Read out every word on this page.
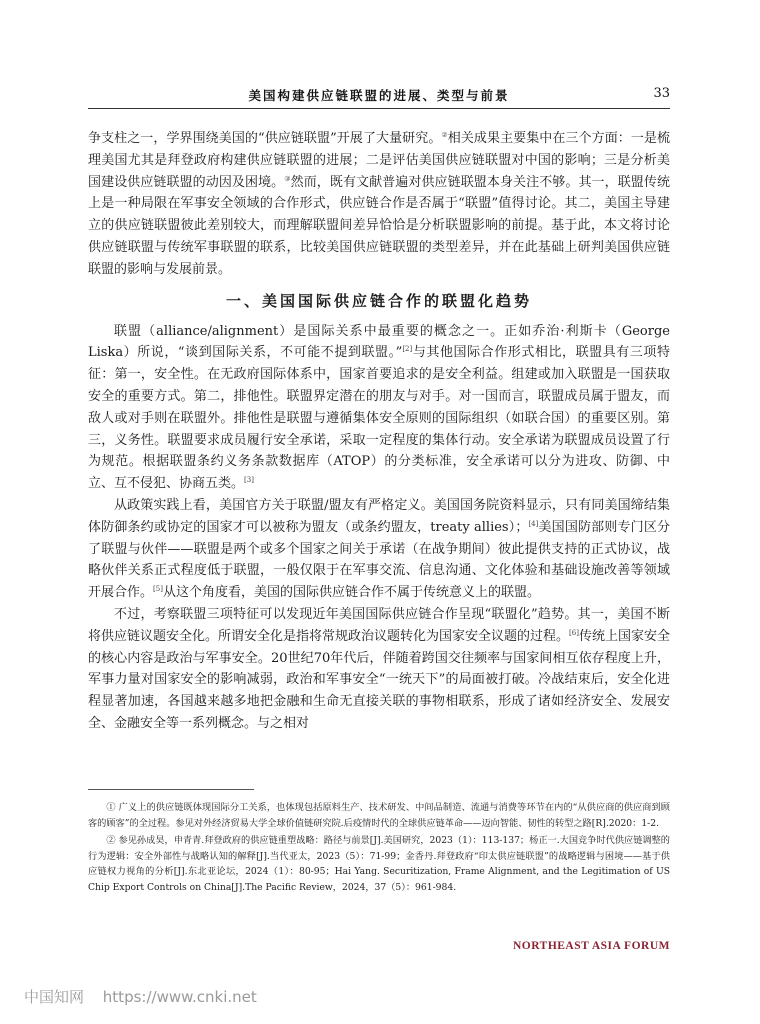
美国构建供应链联盟的进展、类型与前景	33

争支柱之一，学界围绕美国的“供应链联盟”开展了大量研究。②相关成果主要集中在三个方面：一是梳理美国尤其是拜登政府构建供应链联盟的进展；二是评估美国供应链联盟对中国的影响；三是分析美国建设供应链联盟的动因及困境。③然而，既有文献普遍对供应链联盟本身关注不够。其一，联盟传统上是一种局限在军事安全领域的合作形式，供应链合作是否属于“联盟”值得讨论。其二，美国主导建立的供应链联盟彼此差别较大，而理解联盟间差异恰恰是分析联盟影响的前提。基于此，本文将讨论供应链联盟与传统军事联盟的联系，比较美国供应链联盟的类型差异，并在此基础上研判美国供应链联盟的影响与发展前景。

一、美国国际供应链合作的联盟化趋势

联盟（alliance/alignment）是国际关系中最重要的概念之一。正如乔治·利斯卡（George Liska）所说，“谈到国际关系，不可能不提到联盟。”[2]与其他国际合作形式相比，联盟具有三项特征：第一，安全性。在无政府国际体系中，国家首要追求的是安全利益。组建或加入联盟是一国获取安全的重要方式。第二，排他性。联盟界定潜在的朋友与对手。对一国而言，联盟成员属于盟友，而敌人或对手则在联盟外。排他性是联盟与遵循集体安全原则的国际组织（如联合国）的重要区别。第三，义务性。联盟要求成员履行安全承诺，采取一定程度的集体行动。安全承诺为联盟成员设置了行为规范。根据联盟条约义务条款数据库（ATOP）的分类标准，安全承诺可以分为进攻、防御、中立、互不侵犯、协商五类。[3]

从政策实践上看，美国官方关于联盟/盟友有严格定义。美国国务院资料显示，只有同美国缔结集体防御条约或协定的国家才可以被称为盟友（或条约盟友，treaty allies）；[4]美国国防部则专门区分了联盟与伙伴——联盟是两个或多个国家之间关于承诺（在战争期间）彼此提供支持的正式协议，战略伙伴关系正式程度低于联盟，一般仅限于在军事交流、信息沟通、文化体验和基础设施改善等领域开展合作。[5]从这个角度看，美国的国际供应链合作不属于传统意义上的联盟。

不过，考察联盟三项特征可以发现近年美国国际供应链合作呈现“联盟化”趋势。其一，美国不断将供应链议题安全化。所谓安全化是指将常规政治议题转化为国家安全议题的过程。[6]传统上国家安全的核心内容是政治与军事安全。20世纪70年代后，伴随着跨国交往频率与国家间相互依存程度上升，军事力量对国家安全的影响减弱，政治和军事安全“一统天下”的局面被打破。冷战结束后，安全化进程显著加速，各国越来越多地把金融和生命无直接关联的事物相联系，形成了诸如经济安全、发展安全、金融安全等一系列概念。与之相对

① 广义上的供应链既体现国际分工关系，也体现包括原料生产、技术研发、中间品制造、流通与消费等环节在内的“从供应商的供应商到顾客的顾客”的全过程。参见对外经济贸易大学全球价值链研究院.后疫情时代的全球供应链革命——迈向智能、韧性的转型之路[R].2020：1-2.

② 参见孙成昊，申青青.拜登政府的供应链重塑战略：路径与前景[J].美国研究，2023（1）：113-137；杨正一.大国竞争时代供应链调整的行为逻辑：安全外部性与战略认知的解释[J].当代亚太，2023（5）：71-99；金香丹.拜登政府“印太供应链联盟”的战略逻辑与困境——基于供应链权力视角的分析[J].东北亚论坛，2024（1）：80-95；Hai Yang. Securitization, Frame Alignment, and the Legitimation of US Chip Export Controls on China[J].The Pacific Review，2024，37（5）：961-984.

NORTHEAST ASIA FORUM
中国知网 https://www.cnki.net
